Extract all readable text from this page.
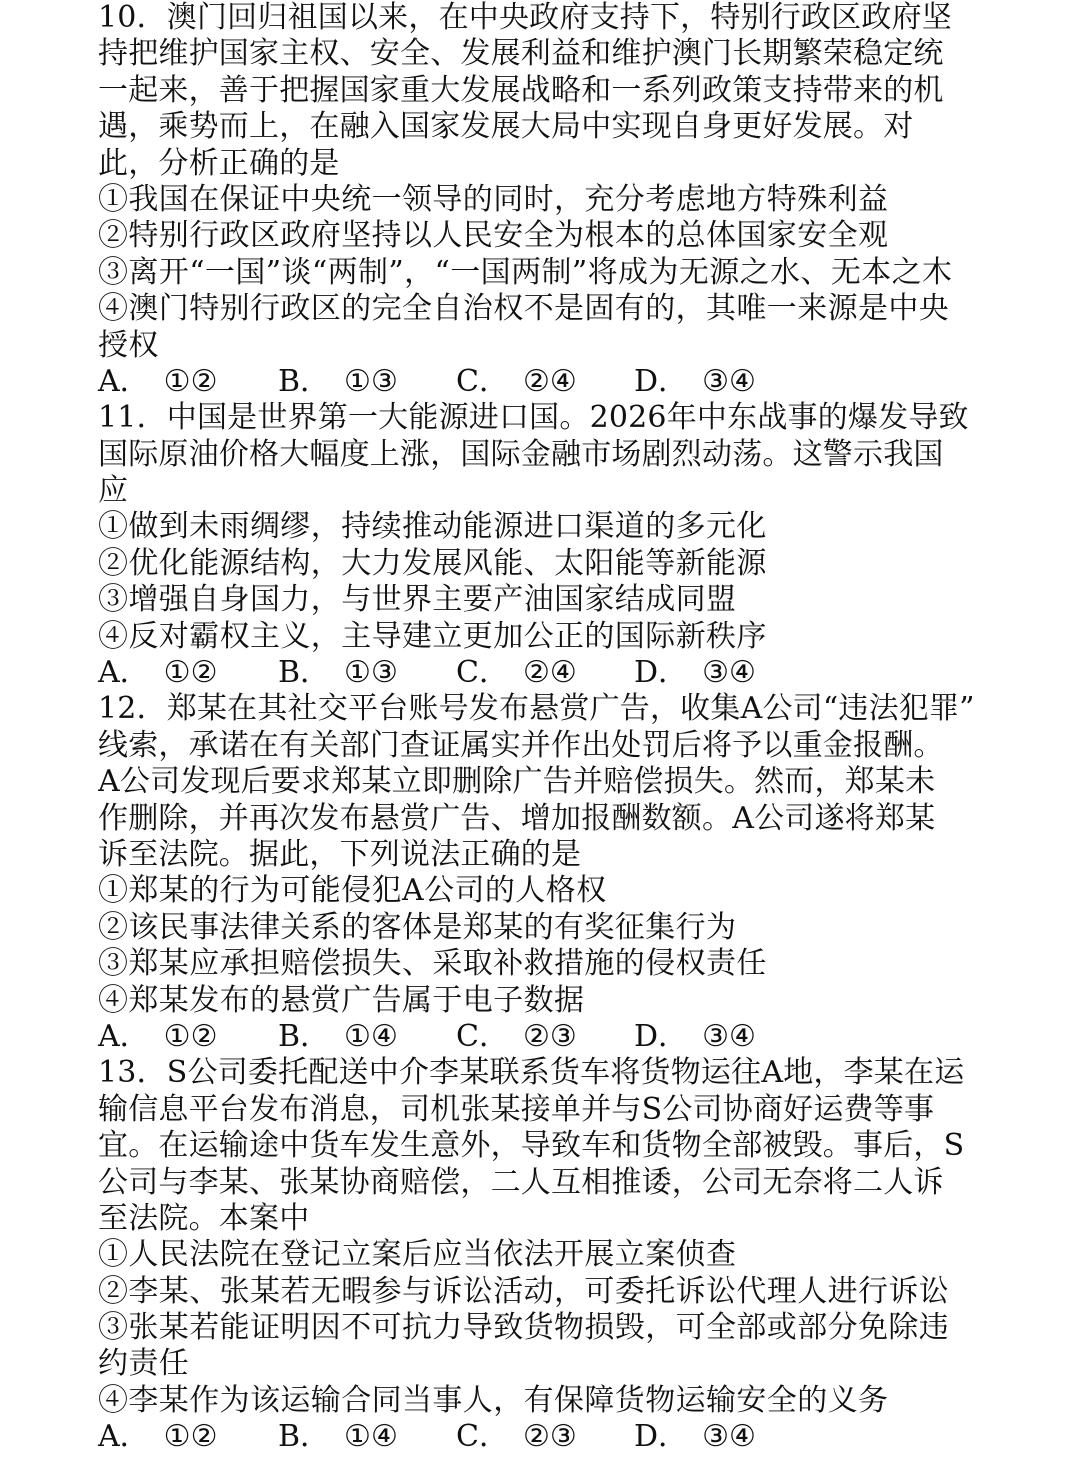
10．澳门回归祖国以来，在中央政府支持下，特别行政区政府坚
持把维护国家主权、安全、发展利益和维护澳门长期繁荣稳定统
一起来，善于把握国家重大发展战略和一系列政策支持带来的机
遇，乘势而上，在融入国家发展大局中实现自身更好发展。对
此，分析正确的是
①我国在保证中央统一领导的同时，充分考虑地方特殊利益
②特别行政区政府坚持以人民安全为根本的总体国家安全观
③离开“一国”谈“两制”，“一国两制”将成为无源之水、无本之木
④澳门特别行政区的完全自治权不是固有的，其唯一来源是中央
授权
A． ①②	B． ①③	C． ②④	D． ③④
11．中国是世界第一大能源进口国。2026年中东战事的爆发导致
国际原油价格大幅度上涨，国际金融市场剧烈动荡。这警示我国
应
①做到未雨绸缪，持续推动能源进口渠道的多元化
②优化能源结构，大力发展风能、太阳能等新能源
③增强自身国力，与世界主要产油国家结成同盟
④反对霸权主义，主导建立更加公正的国际新秩序
A． ①②	B． ①③	C． ②④	D． ③④
12．郑某在其社交平台账号发布悬赏广告，收集A公司“违法犯罪”
线索，承诺在有关部门查证属实并作出处罚后将予以重金报酬。
A公司发现后要求郑某立即删除广告并赔偿损失。然而，郑某未
作删除，并再次发布悬赏广告、增加报酬数额。A公司遂将郑某
诉至法院。据此，下列说法正确的是
①郑某的行为可能侵犯A公司的人格权
②该民事法律关系的客体是郑某的有奖征集行为
③郑某应承担赔偿损失、采取补救措施的侵权责任
④郑某发布的悬赏广告属于电子数据
A． ①②	B． ①④	C． ②③	D． ③④
13．S公司委托配送中介李某联系货车将货物运往A地，李某在运
输信息平台发布消息，司机张某接单并与S公司协商好运费等事
宜。在运输途中货车发生意外，导致车和货物全部被毁。事后，S
公司与李某、张某协商赔偿，二人互相推诿，公司无奈将二人诉
至法院。本案中
①人民法院在登记立案后应当依法开展立案侦查
②李某、张某若无暇参与诉讼活动，可委托诉讼代理人进行诉讼
③张某若能证明因不可抗力导致货物损毁，可全部或部分免除违
约责任
④李某作为该运输合同当事人，有保障货物运输安全的义务
A． ①②	B． ①④	C． ②③	D． ③④
